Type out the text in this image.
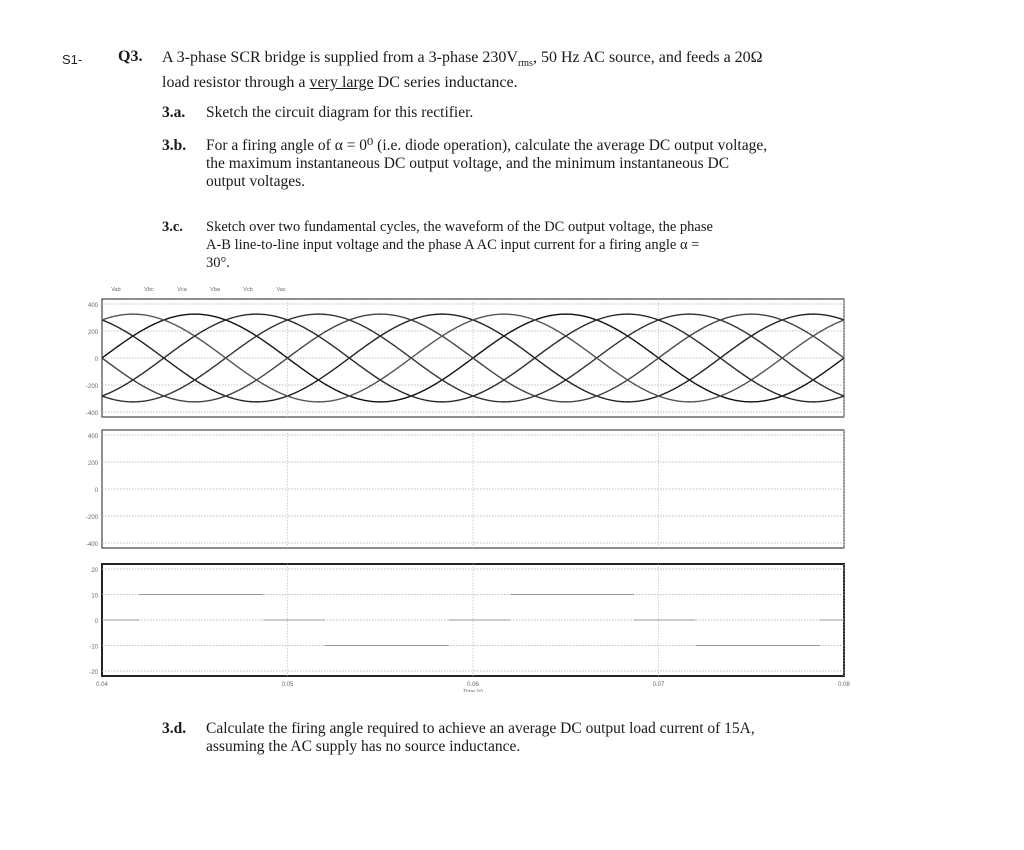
S1- Q3. A 3-phase SCR bridge is supplied from a 3-phase $230V_{rms}$, 50 Hz AC source, and feeds a 20Ω
load resistor through a very large DC series inductance.
3.a. Sketch the circuit diagram for this rectifier.
3.b. For a firing angle of α = 0⁰ (i.e. diode operation), calculate the average DC output voltage,
the maximum instantaneous DC output voltage, and the minimum instantaneous DC
output voltages.
3.c. Sketch over two fundamental cycles, the waveform of the DC output voltage, the phase
A-B line-to-line input voltage and the phase A AC input current for a firing angle α =
30°.
3.d. Calculate the firing angle required to achieve an average DC output load current of 15A,
assuming the AC supply has no source inductance.
Vab	Vbc	Vca	Vba	Vcb	Vac
400
200
0
-200
-400
400
200
0
-200
-400
20
10
0
-10
-20
0.04	0.05	0.06	0.07	0.08
Time (s)
